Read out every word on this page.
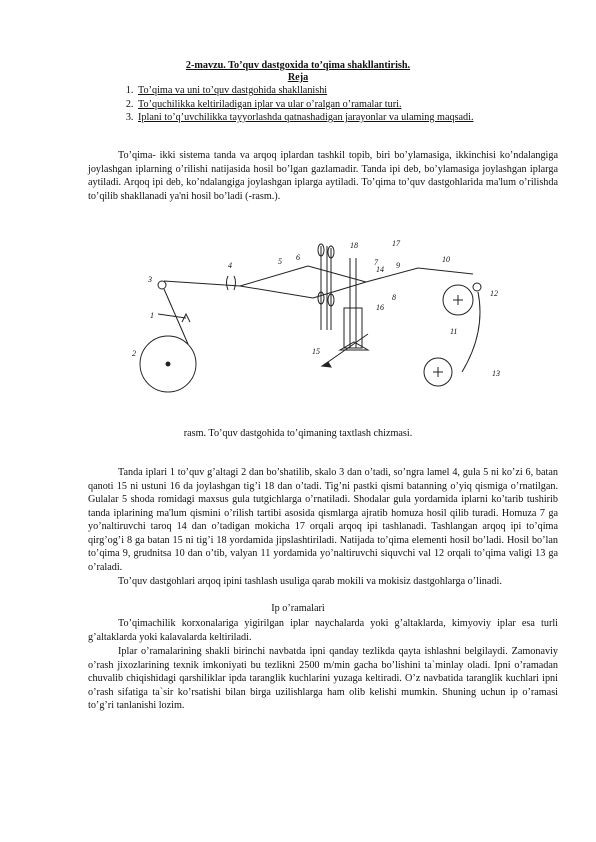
2-mavzu. To’quv dastgoxida to’qima shakllantirish.
Reja
1. To’qima va uni to’quv dastgohida shakllanishi
2. To’quchilikka keltiriladigan iplar va ular o’ralgan o’ramalar turi.
3. Iplani to’q’uvchilikka tayyorlashda qatnashadigan jarayonlar va ulaming maqsadi.

To’qima- ikki sistema tanda va arqoq iplardan tashkil topib, biri bo’ylamasiga, ikkinchisi ko’ndalangiga joylashgan iplarning o’rilishi natijasida hosil bo’lgan gazlamadir. Tanda ipi deb, bo’ylamasiga joylashgan iplarga aytiladi. Arqoq ipi deb, ko’ndalangiga joylashgan iplarga aytiladi. To’qima to’quv dastgohlarida ma'lum o’rilishda to’qilib shakllanadi ya'ni hosil bo’ladi (-rasm.).

1
2
3
4	5 6
7
8
9
10
11
12
13
14
15
16
17
18
rasm. To’quv dastgohida to’qimaning taxtlash chizmasi.

Tanda iplari 1 to’quv g’altagi 2 dan bo’shatilib, skalo 3 dan o’tadi, so’ngra lamel 4, gula 5 ni ko’zi 6, batan qanoti 15 ni ustuni 16 da joylashgan tig’i 18 dan o’tadi. Tig’ni pastki qismi batanning o’yiq qismiga o’rnatilgan. Gulalar 5 shoda romidagi maxsus gula tutgichlarga o’rnatiladi. Shodalar gula yordamida iplarni ko’tarib tushirib tanda iplarining ma'lum qismini o’rilish tartibi asosida qismlarga ajratib homuza hosil qilib turadi. Homuza 7 ga yo’naltiruvchi taroq 14 dan o’tadigan mokicha 17 orqali arqoq ipi tashlanadi. Tashlangan arqoq ipi to’qima qirg’og’i 8 ga batan 15 ni tig’i 18 yordamida jipslashtiriladi. Natijada to’qima elementi hosil bo’ladi. Hosil bo’lan to’qima 9, grudnitsa 10 dan o’tib, valyan 11 yordamida yo’naltiruvchi siquvchi val 12 orqali to’qima valigi 13 ga o’raladi.

To’quv dastgohlari arqoq ipini tashlash usuliga qarab mokili va mokisiz dastgohlarga o’linadi.

Ip o’ramalari

To’qimachilik korxonalariga yigirilgan iplar naychalarda yoki g’altaklarda, kimyoviy iplar esa turli g’altaklarda yoki kalavalarda keltiriladi.

Iplar o’ramalarining shakli birinchi navbatda ipni qanday tezlikda qayta ishlashni belgilaydi. Zamonaviy o’rash jixozlarining texnik imkoniyati bu tezlikni 2500 m/min gacha bo’lishini ta`minlay oladi. Ipni o’ramadan chuvalib chiqishidagi qarshiliklar ipda taranglik kuchlarini yuzaga keltiradi. O’z navbatida taranglik kuchlari ipni o’rash sifatiga ta`sir ko’rsatishi bilan birga uzilishlarga ham olib kelishi mumkin. Shuning uchun ip o’ramasi to’g’ri tanlanishi lozim.
